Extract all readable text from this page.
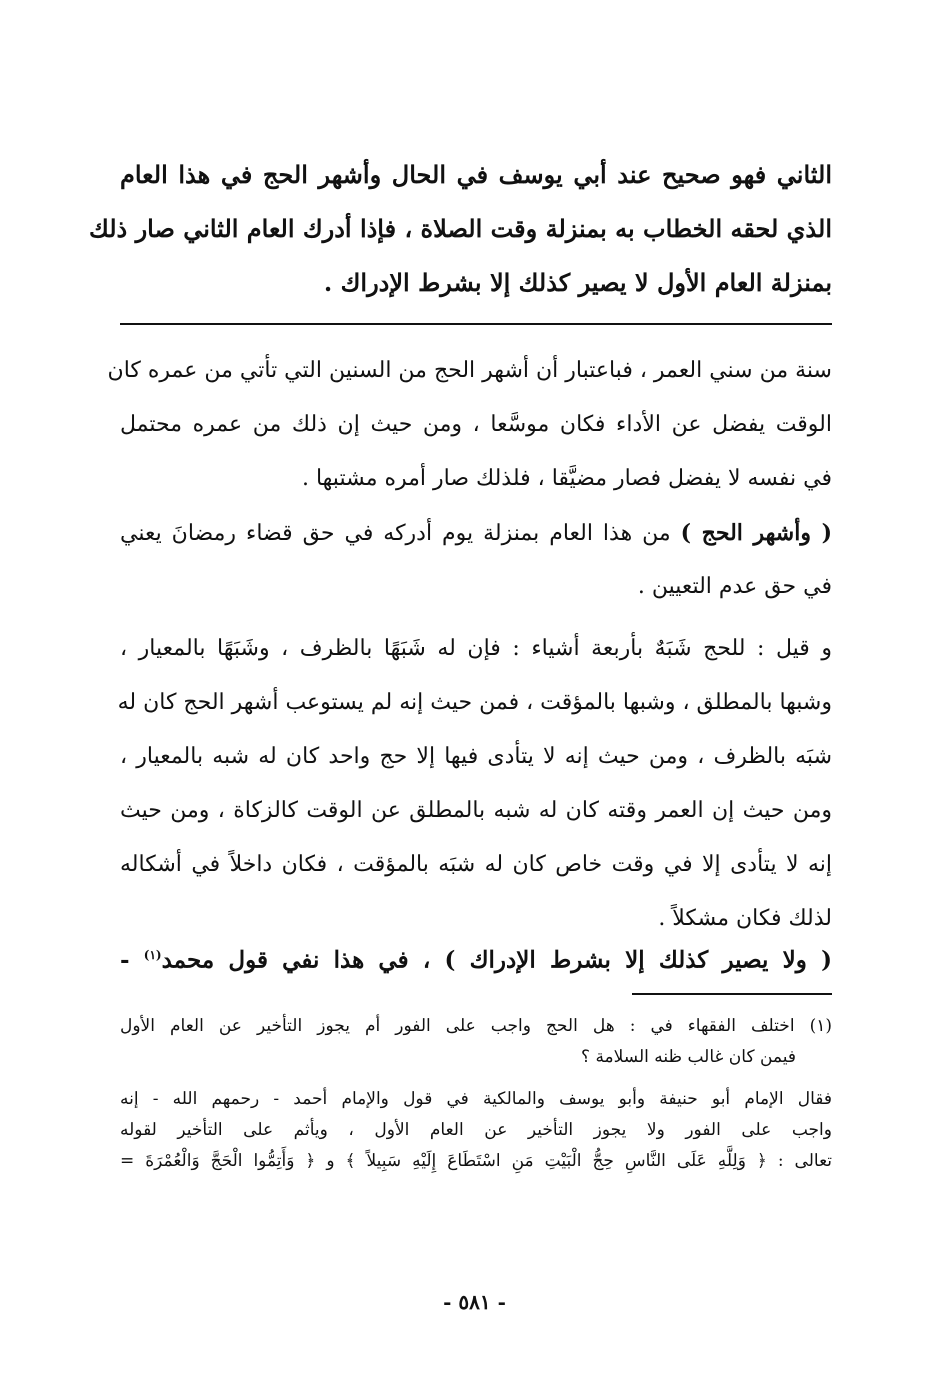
الثاني فهو صحيح عند أبي يوسف في الحال وأشهر الحج في هذا العام
الذي لحقه الخطاب به بمنزلة وقت الصلاة ، فإذا أدرك العام الثاني صار ذلك
بمنزلة العام الأول لا يصير كذلك إلا بشرط الإدراك .
سنة من سني العمر ، فباعتبار أن أشهر الحج من السنين التي تأتي من عمره كان
الوقت يفضل عن الأداء فكان موسَّعا ، ومن حيث إن ذلك من عمره محتمل
في نفسه لا يفضل فصار مضيَّقا ، فلذلك صار أمره مشتبها .
( وأشهر الحج ) من هذا العام بمنزلة يوم أدركه في حق قضاء رمضانَ يعني
في حق عدم التعيين .
و قيل : للحج شَبَهٌ بأربعة أشياء : فإن له شَبَهًا بالظرف ، وشَبَهًا بالمعيار ،
وشبها بالمطلق ، وشبها بالمؤقت ، فمن حيث إنه لم يستوعب أشهر الحج كان له
شبَه بالظرف ، ومن حيث إنه لا يتأدى فيها إلا حج واحد كان له شبه بالمعيار ،
ومن حيث إن العمر وقته كان له شبه بالمطلق عن الوقت كالزكاة ، ومن حيث
إنه لا يتأدى إلا في وقت خاص كان له شبَه بالمؤقت ، فكان داخلاً في أشكاله
لذلك فكان مشكلاً .
( ولا يصير كذلك إلا بشرط الإدراك ) ، في هذا نفي قول محمد$^{(١)}$ -
(١) اختلف الفقهاء في : هل الحج واجب على الفور أم يجوز التأخير عن العام الأول
فيمن كان غالب ظنه السلامة ؟
فقال الإمام أبو حنيفة وأبو يوسف والمالكية في قول والإمام أحمد - رحمهم الله - إنه
واجب على الفور ولا يجوز التأخير عن العام الأول ، ويأثم على التأخير لقوله
تعالى : ﴿ وَلِلَّهِ عَلَى النَّاسِ حِجُّ الْبَيْتِ مَنِ اسْتَطَاعَ إِلَيْهِ سَبِيلاً ﴾ و ﴿ وَأَتِمُّوا الْحَجَّ وَالْعُمْرَةَ =
- ٥٨١ -
